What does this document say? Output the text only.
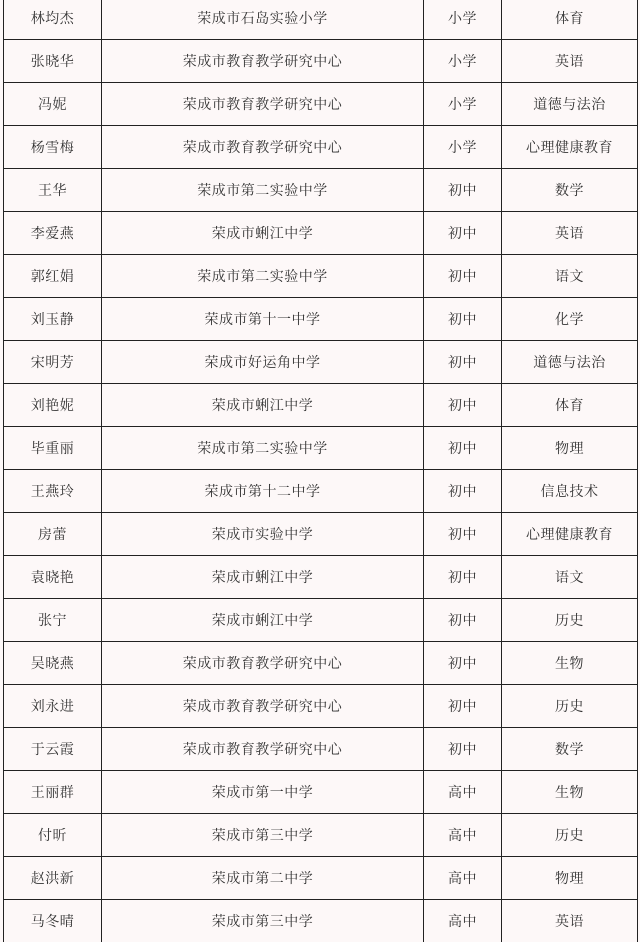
林均杰	荣成市石岛实验小学	小学	体育
张晓华	荣成市教育教学研究中心	小学	英语
冯妮	荣成市教育教学研究中心	小学	道德与法治
杨雪梅	荣成市教育教学研究中心	小学	心理健康教育
王华	荣成市第二实验中学	初中	数学
李爱燕	荣成市蜊江中学	初中	英语
郭红娟	荣成市第二实验中学	初中	语文
刘玉静	荣成市第十一中学	初中	化学
宋明芳	荣成市好运角中学	初中	道德与法治
刘艳妮	荣成市蜊江中学	初中	体育
毕重丽	荣成市第二实验中学	初中	物理
王燕玲	荣成市第十二中学	初中	信息技术
房蕾	荣成市实验中学	初中	心理健康教育
袁晓艳	荣成市蜊江中学	初中	语文
张宁	荣成市蜊江中学	初中	历史
吴晓燕	荣成市教育教学研究中心	初中	生物
刘永进	荣成市教育教学研究中心	初中	历史
于云霞	荣成市教育教学研究中心	初中	数学
王丽群	荣成市第一中学	高中	生物
付昕	荣成市第三中学	高中	历史
赵洪新	荣成市第二中学	高中	物理
马冬晴	荣成市第三中学	高中	英语
